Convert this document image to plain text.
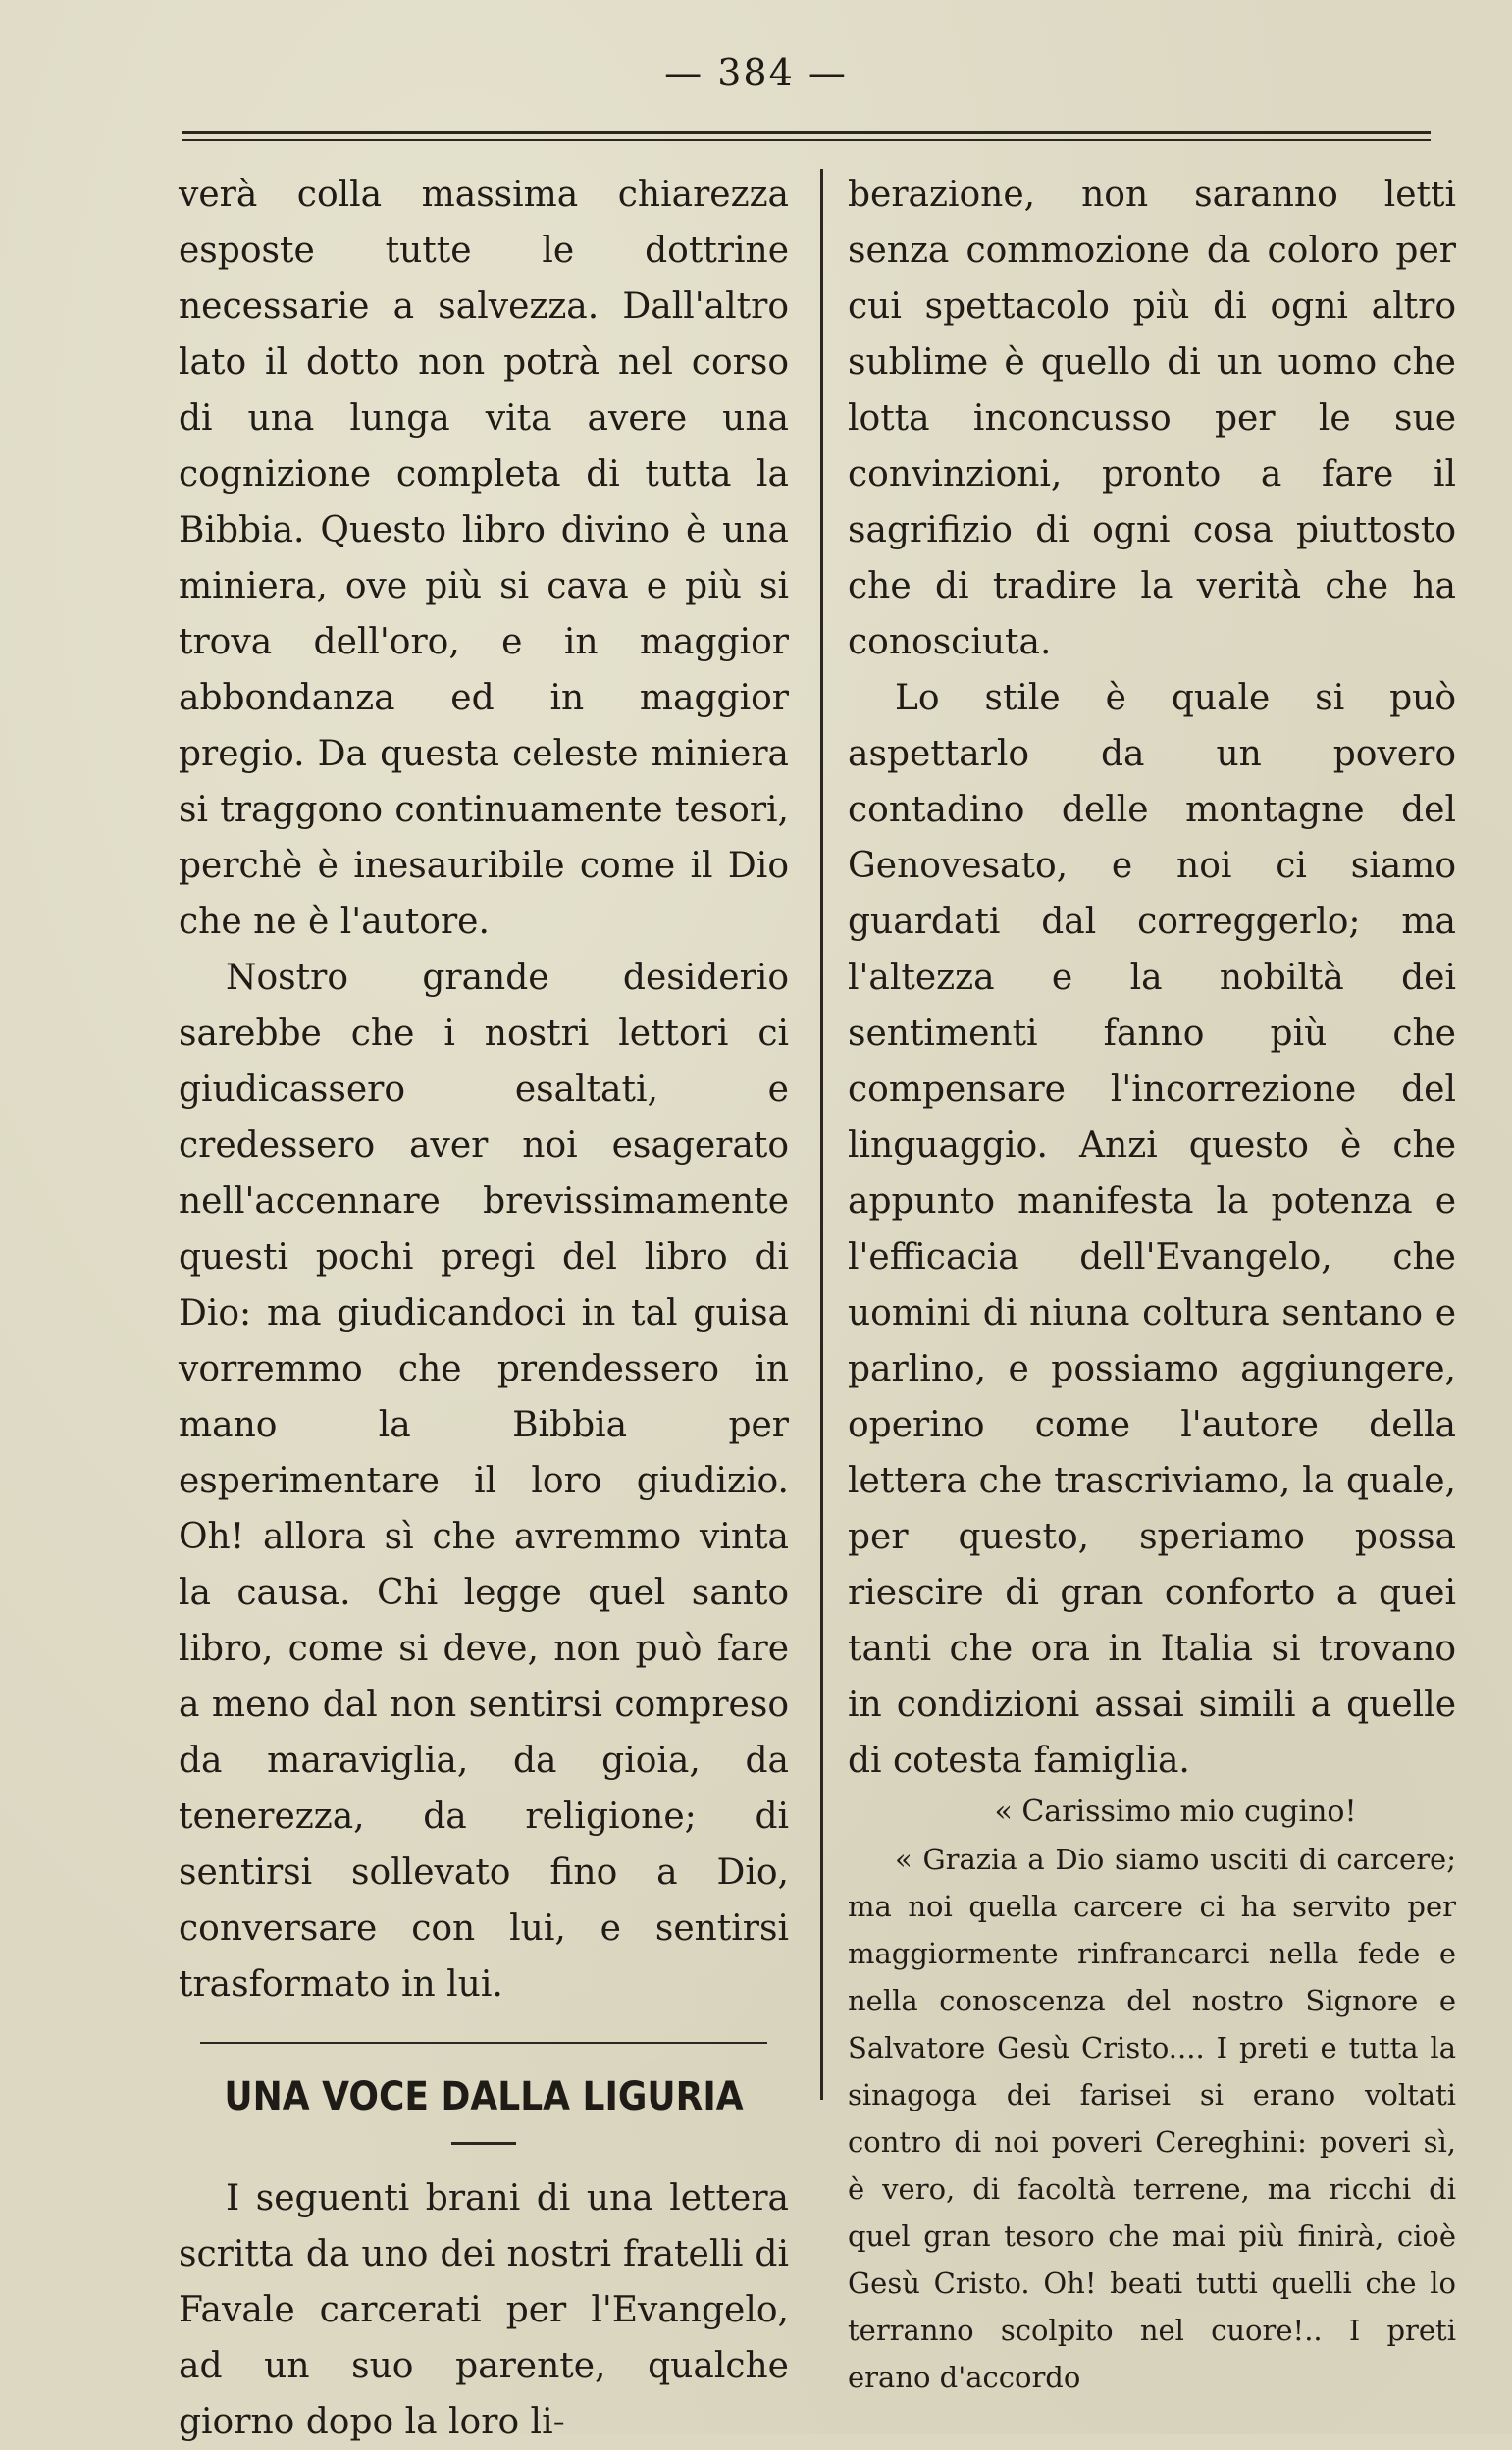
— 384 —

verà colla massima chiarezza esposte tutte le dottrine necessarie a salvezza. Dall'altro lato il dotto non potrà nel corso di una lunga vita avere una cognizione completa di tutta la Bibbia. Questo libro divino è una miniera, ove più si cava e più si trova dell'oro, e in maggior abbondanza ed in maggior pregio. Da questa celeste miniera si traggono continuamente tesori, perchè è inesauribile come il Dio che ne è l'autore.

Nostro grande desiderio sarebbe che i nostri lettori ci giudicassero esaltati, e credessero aver noi esagerato nell'accennare brevissimamente questi pochi pregi del libro di Dio: ma giudicandoci in tal guisa vorremmo che prendessero in mano la Bibbia per esperimentare il loro giudizio. Oh! allora sì che avremmo vinta la causa. Chi legge quel santo libro, come si deve, non può fare a meno dal non sentirsi compreso da maraviglia, da gioia, da tenerezza, da religione; di sentirsi sollevato fino a Dio, conversare con lui, e sentirsi trasformato in lui.

UNA VOCE DALLA LIGURIA

I seguenti brani di una lettera scritta da uno dei nostri fratelli di Favale carcerati per l'Evangelo, ad un suo parente, qualche giorno dopo la loro li-

berazione, non saranno letti senza commozione da coloro per cui spettacolo più di ogni altro sublime è quello di un uomo che lotta inconcusso per le sue convinzioni, pronto a fare il sagrifizio di ogni cosa piuttosto che di tradire la verità che ha conosciuta.

Lo stile è quale si può aspettarlo da un povero contadino delle montagne del Genovesato, e noi ci siamo guardati dal correggerlo; ma l'altezza e la nobiltà dei sentimenti fanno più che compensare l'incorrezione del linguaggio. Anzi questo è che appunto manifesta la potenza e l'efficacia dell'Evangelo, che uomini di niuna coltura sentano e parlino, e possiamo aggiungere, operino come l'autore della lettera che trascriviamo, la quale, per questo, speriamo possa riescire di gran conforto a quei tanti che ora in Italia si trovano in condizioni assai simili a quelle di cotesta famiglia.

« Carissimo mio cugino!

« Grazia a Dio siamo usciti di carcere; ma noi quella carcere ci ha servito per maggiormente rinfrancarci nella fede e nella conoscenza del nostro Signore e Salvatore Gesù Cristo.... I preti e tutta la sinagoga dei farisei si erano voltati contro di noi poveri Cereghini: poveri sì, è vero, di facoltà terrene, ma ricchi di quel gran tesoro che mai più finirà, cioè Gesù Cristo. Oh! beati tutti quelli che lo terranno scolpito nel cuore!.. I preti erano d'accordo
